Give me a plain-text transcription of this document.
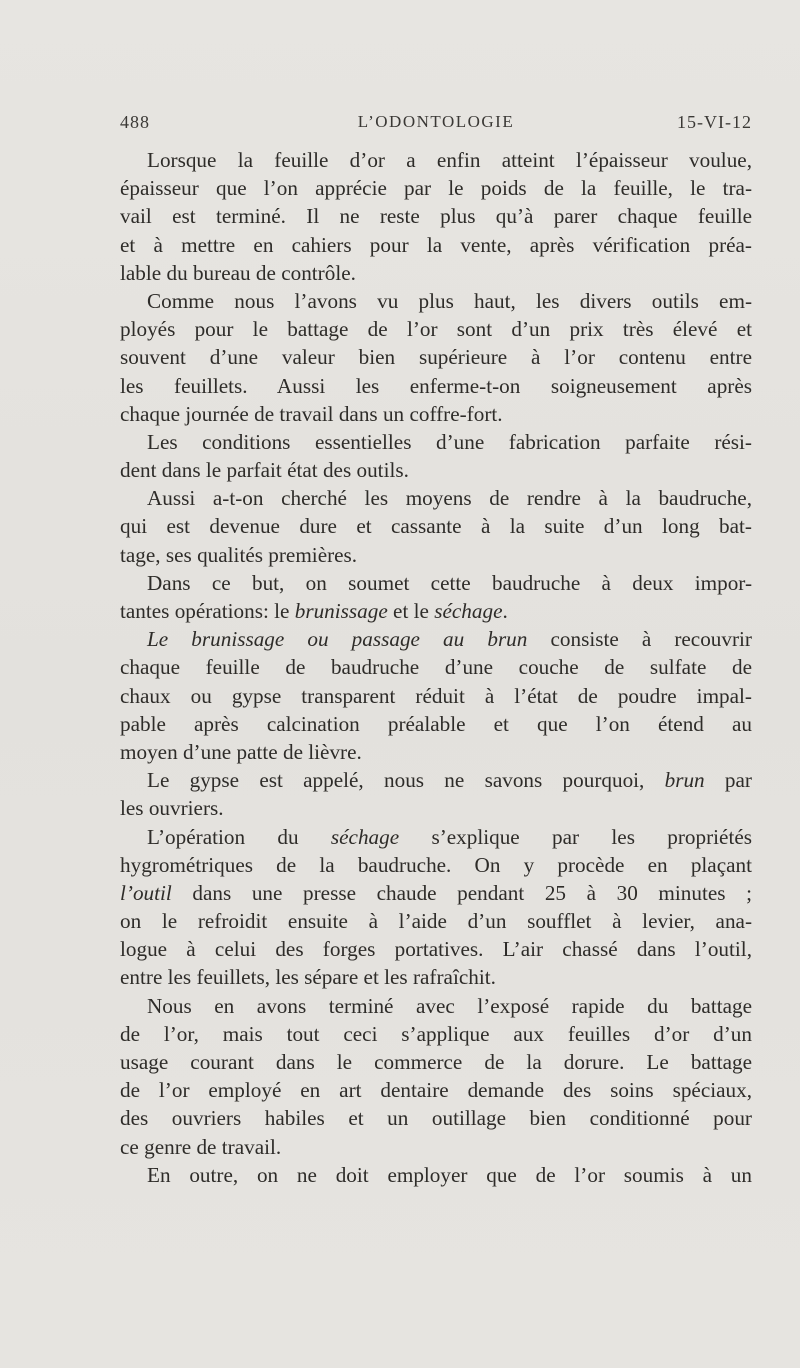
488	L’ODONTOLOGIE	15-VI-12
Lorsque la feuille d’or a enfin atteint l’épaisseur voulue,
épaisseur que l’on apprécie par le poids de la feuille, le tra-
vail est terminé. Il ne reste plus qu’à parer chaque feuille
et à mettre en cahiers pour la vente, après vérification préa-
lable du bureau de contrôle.
Comme nous l’avons vu plus haut, les divers outils em-
ployés pour le battage de l’or sont d’un prix très élevé et
souvent d’une valeur bien supérieure à l’or contenu entre
les feuillets. Aussi les enferme-t-on soigneusement après
chaque journée de travail dans un coffre-fort.
Les conditions essentielles d’une fabrication parfaite rési-
dent dans le parfait état des outils.
Aussi a-t-on cherché les moyens de rendre à la baudruche,
qui est devenue dure et cassante à la suite d’un long bat-
tage, ses qualités premières.
Dans ce but, on soumet cette baudruche à deux impor-
tantes opérations: le brunissage et le séchage.
Le brunissage ou passage au brun consiste à recouvrir
chaque feuille de baudruche d’une couche de sulfate de
chaux ou gypse transparent réduit à l’état de poudre impal-
pable après calcination préalable et que l’on étend au
moyen d’une patte de lièvre.
Le gypse est appelé, nous ne savons pourquoi, brun par
les ouvriers.
L’opération du séchage s’explique par les propriétés
hygrométriques de la baudruche. On y procède en plaçant
l’outil dans une presse chaude pendant 25 à 30 minutes ;
on le refroidit ensuite à l’aide d’un soufflet à levier, ana-
logue à celui des forges portatives. L’air chassé dans l’outil,
entre les feuillets, les sépare et les rafraîchit.
Nous en avons terminé avec l’exposé rapide du battage
de l’or, mais tout ceci s’applique aux feuilles d’or d’un
usage courant dans le commerce de la dorure. Le battage
de l’or employé en art dentaire demande des soins spéciaux,
des ouvriers habiles et un outillage bien conditionné pour
ce genre de travail.
En outre, on ne doit employer que de l’or soumis à un
